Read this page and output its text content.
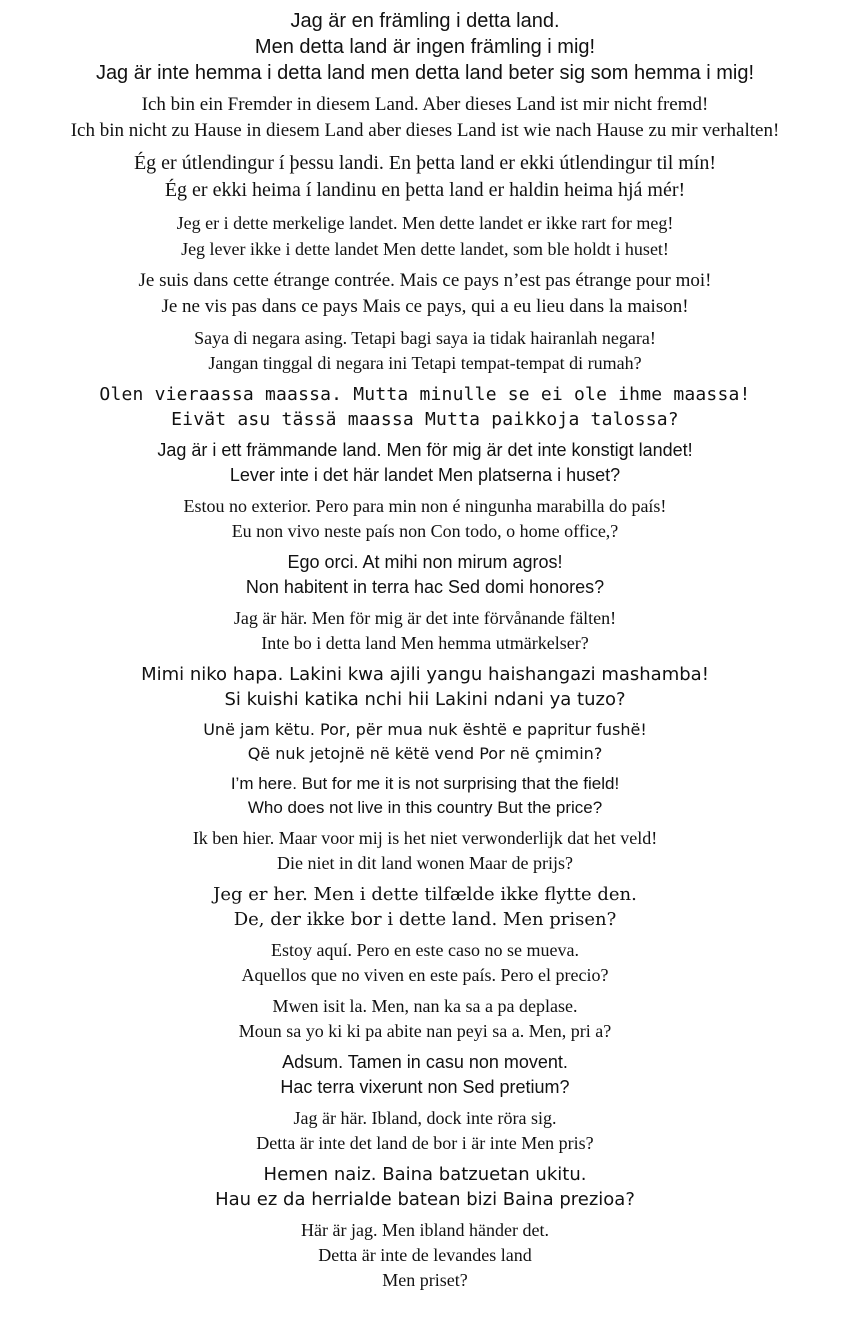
Jag är en främling i detta land.
Men detta land är ingen främling i mig!
Jag är inte hemma i detta land men detta land beter sig som hemma i mig!
Ich bin ein Fremder in diesem Land. Aber dieses Land ist mir nicht fremd!
Ich bin nicht zu Hause in diesem Land aber dieses Land ist wie nach Hause zu mir verhalten!
Ég er útlendingur í þessu landi. En þetta land er ekki útlendingur til mín!
Ég er ekki heima í landinu en þetta land er haldin heima hjá mér!
Jeg er i dette merkelige landet. Men dette landet er ikke rart for meg!
Jeg lever ikke i dette landet Men dette landet, som ble holdt i huset!
Je suis dans cette étrange contrée. Mais ce pays n’est pas étrange pour moi!
Je ne vis pas dans ce pays Mais ce pays, qui a eu lieu dans la maison!
Saya di negara asing. Tetapi bagi saya ia tidak hairanlah negara!
Jangan tinggal di negara ini Tetapi tempat-tempat di rumah?
Olen vieraassa maassa. Mutta minulle se ei ole ihme maassa!
Eivät asu tässä maassa Mutta paikkoja talossa?
Jag är i ett främmande land. Men för mig är det inte konstigt landet!
Lever inte i det här landet Men platserna i huset?
Estou no exterior. Pero para min non é ningunha marabilla do país!
Eu non vivo neste país non Con todo, o home office,?
Ego orci. At mihi non mirum agros!
Non habitent in terra hac Sed domi honores?
Jag är här. Men för mig är det inte förvånande fälten!
Inte bo i detta land Men hemma utmärkelser?
Mimi niko hapa. Lakini kwa ajili yangu haishangazi mashamba!
Si kuishi katika nchi hii Lakini ndani ya tuzo?
Unë jam këtu. Por, për mua nuk është e papritur fushë!
Që nuk jetojnë në këtë vend Por në çmimin?
I’m here. But for me it is not surprising that the field!
Who does not live in this country But the price?
Ik ben hier. Maar voor mij is het niet verwonderlijk dat het veld!
Die niet in dit land wonen Maar de prijs?
Jeg er her. Men i dette tilfælde ikke flytte den.
De, der ikke bor i dette land. Men prisen?
Estoy aquí. Pero en este caso no se mueva.
Aquellos que no viven en este país. Pero el precio?
Mwen isit la. Men, nan ka sa a pa deplase.
Moun sa yo ki ki pa abite nan peyi sa a. Men, pri a?
Adsum. Tamen in casu non movent.
Hac terra vixerunt non Sed pretium?
Jag är här. Ibland, dock inte röra sig.
Detta är inte det land de bor i är inte Men pris?
Hemen naiz. Baina batzuetan ukitu.
Hau ez da herrialde batean bizi Baina prezioa?
Här är jag. Men ibland händer det.
Detta är inte de levandes land
Men priset?
